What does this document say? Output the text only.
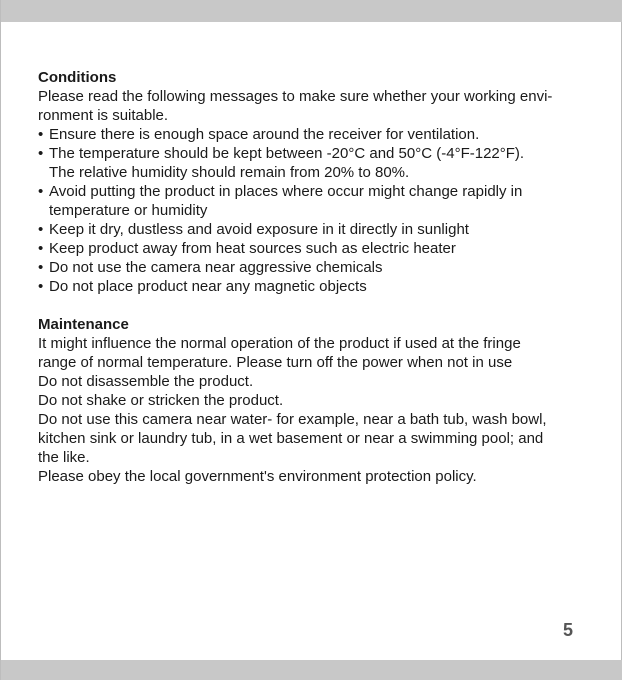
Conditions

Please read the following messages to make sure whether your working envi-

ronment is suitable.

• Ensure there is enough space around the receiver for ventilation.
• The temperature should be kept between -20°C and 50°C (-4°F-122°F).
The relative humidity should remain from 20% to 80%.
• Avoid putting the product in places where occur might change rapidly in
temperature or humidity
• Keep it dry, dustless and avoid exposure in it directly in sunlight
• Keep product away from heat sources such as electric heater
• Do not use the camera near aggressive chemicals
• Do not place product near any magnetic objects

Maintenance

It might influence the normal operation of the product if used at the fringe

range of normal temperature. Please turn off the power when not in use

Do not disassemble the product.

Do not shake or stricken the product.

Do not use this camera near water- for example, near a bath tub, wash bowl,

kitchen sink or laundry tub, in a wet basement or near a swimming pool; and

the like.

Please obey the local government's environment protection policy.

5
